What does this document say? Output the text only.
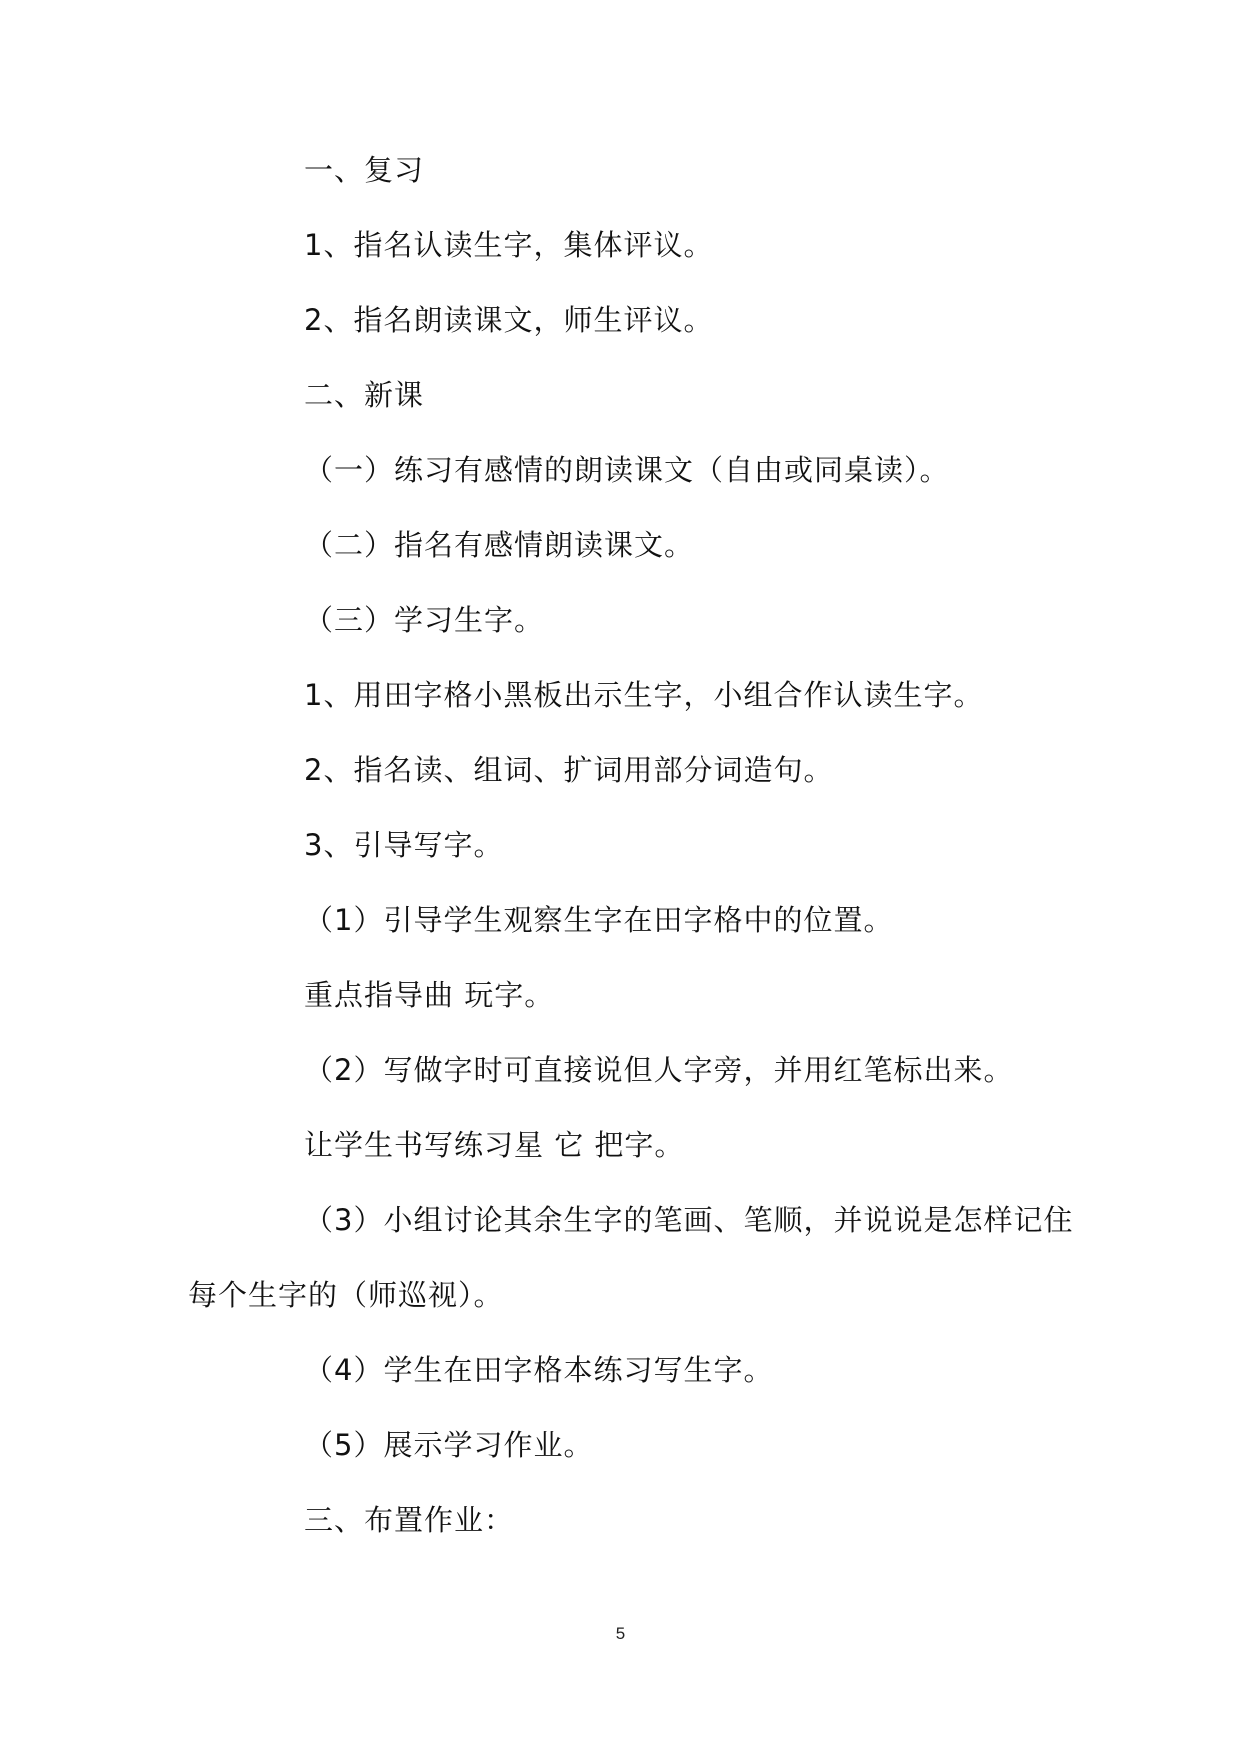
一、复习
1、指名认读生字，集体评议。
2、指名朗读课文，师生评议。
二、新课
（一）练习有感情的朗读课文（自由或同桌读）。
（二）指名有感情朗读课文。
（三）学习生字。
1、用田字格小黑板出示生字，小组合作认读生字。
2、指名读、组词、扩词用部分词造句。
3、引导写字。
（1）引导学生观察生字在田字格中的位置。
重点指导曲 玩字。
（2）写做字时可直接说但人字旁，并用红笔标出来。
让学生书写练习星 它 把字。
（3）小组讨论其余生字的笔画、笔顺，并说说是怎样记住
每个生字的（师巡视）。
（4）学生在田字格本练习写生字。
（5）展示学习作业。
三、布置作业：
5
